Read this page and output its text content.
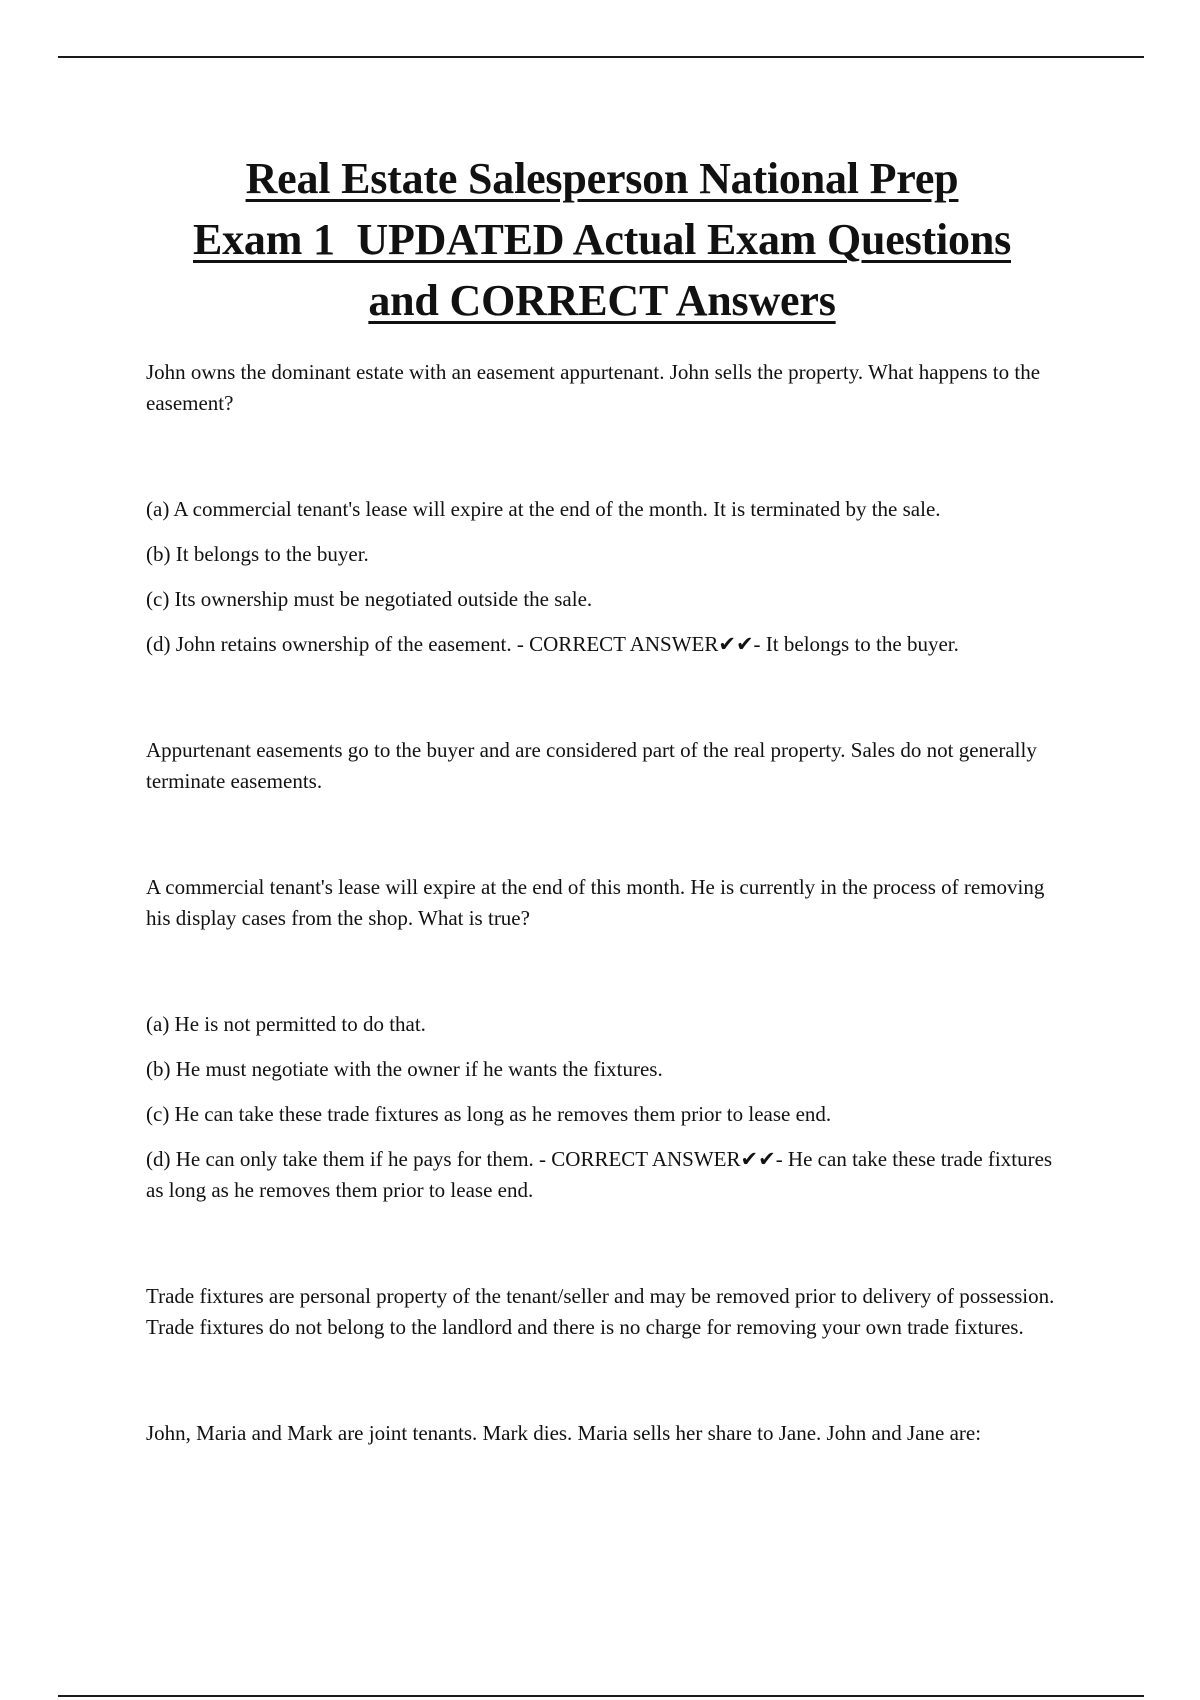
Real Estate Salesperson National Prep
Exam 1  UPDATED Actual Exam Questions
and CORRECT Answers

John owns the dominant estate with an easement appurtenant. John sells the property. What happens to the easement?

(a) A commercial tenant's lease will expire at the end of the month. It is terminated by the sale.

(b) It belongs to the buyer.

(c) Its ownership must be negotiated outside the sale.

(d) John retains ownership of the easement. - CORRECT ANSWER✔✔- It belongs to the buyer.

Appurtenant easements go to the buyer and are considered part of the real property. Sales do not generally terminate easements.

A commercial tenant's lease will expire at the end of this month. He is currently in the process of removing his display cases from the shop. What is true?

(a) He is not permitted to do that.

(b) He must negotiate with the owner if he wants the fixtures.

(c) He can take these trade fixtures as long as he removes them prior to lease end.

(d) He can only take them if he pays for them. - CORRECT ANSWER✔✔- He can take these trade fixtures as long as he removes them prior to lease end.

Trade fixtures are personal property of the tenant/seller and may be removed prior to delivery of possession. Trade fixtures do not belong to the landlord and there is no charge for removing your own trade fixtures.

John, Maria and Mark are joint tenants. Mark dies. Maria sells her share to Jane. John and Jane are:
